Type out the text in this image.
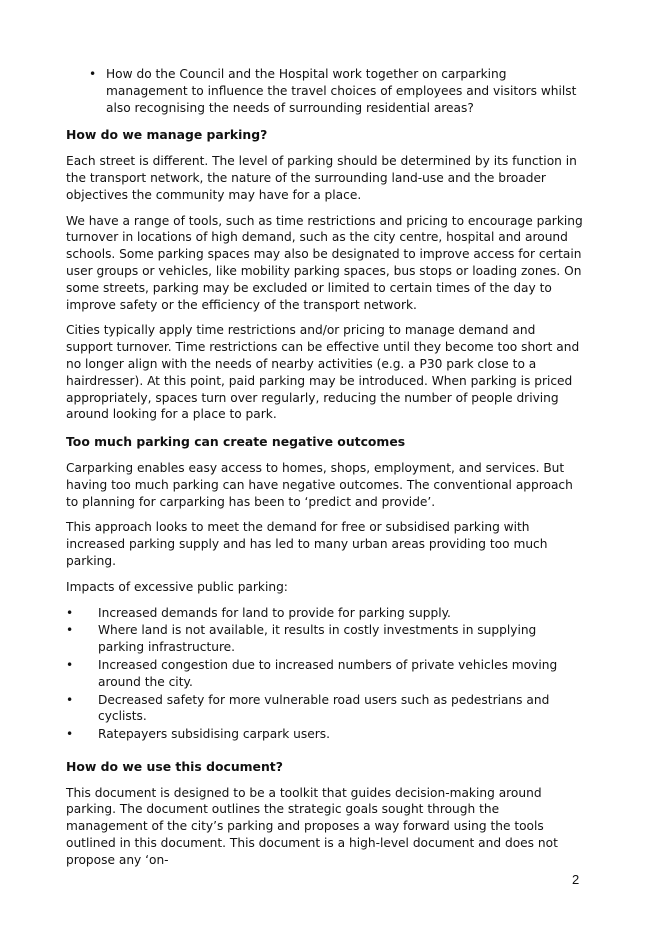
• How do the Council and the Hospital work together on carparking management to influence the travel choices of employees and visitors whilst also recognising the needs of surrounding residential areas?
How do we manage parking?

Each street is different. The level of parking should be determined by its function in the transport network, the nature of the surrounding land-use and the broader objectives the community may have for a place.

We have a range of tools, such as time restrictions and pricing to encourage parking turnover in locations of high demand, such as the city centre, hospital and around schools. Some parking spaces may also be designated to improve access for certain user groups or vehicles, like mobility parking spaces, bus stops or loading zones. On some streets, parking may be excluded or limited to certain times of the day to improve safety or the efficiency of the transport network.

Cities typically apply time restrictions and/or pricing to manage demand and support turnover. Time restrictions can be effective until they become too short and no longer align with the needs of nearby activities (e.g. a P30 park close to a hairdresser). At this point, paid parking may be introduced. When parking is priced appropriately, spaces turn over regularly, reducing the number of people driving around looking for a place to park.

Too much parking can create negative outcomes

Carparking enables easy access to homes, shops, employment, and services. But having too much parking can have negative outcomes. The conventional approach to planning for carparking has been to ‘predict and provide’.

This approach looks to meet the demand for free or subsidised parking with increased parking supply and has led to many urban areas providing too much parking.

Impacts of excessive public parking:

• Increased demands for land to provide for parking supply.
• Where land is not available, it results in costly investments in supplying parking infrastructure.
• Increased congestion due to increased numbers of private vehicles moving around the city.
• Decreased safety for more vulnerable road users such as pedestrians and cyclists.
• Ratepayers subsidising carpark users.
How do we use this document?

This document is designed to be a toolkit that guides decision-making around parking. The document outlines the strategic goals sought through the management of the city’s parking and proposes a way forward using the tools outlined in this document. This document is a high-level document and does not propose any ‘on-

2
